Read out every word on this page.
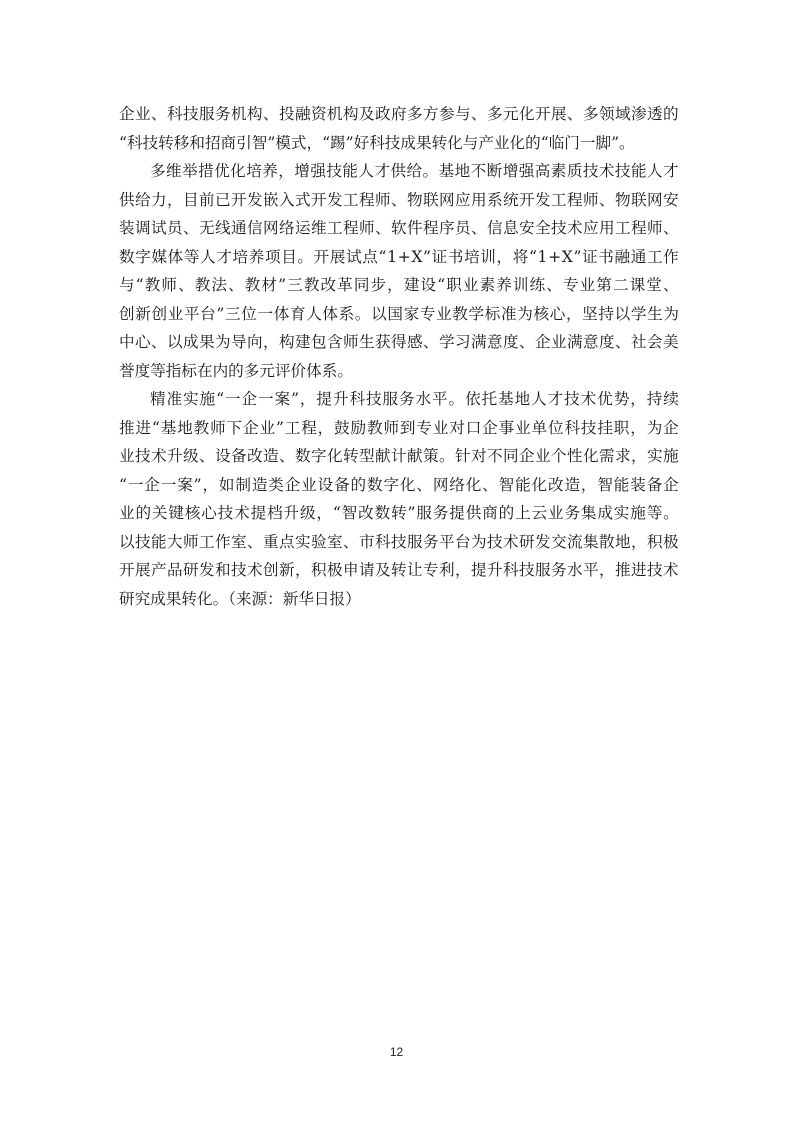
企 业 、 科 技 服 务 机 构 、 投 融 资 机 构 及 政 府 多 方 参 与 、 多 元 化 开 展 、 多 领 域 渗 透 的
“科技转移和招商引智”模式，“踢”好科技成果转化与产业化的“临门一脚”。
多 维 举 措 优 化 培 养 ， 增 强 技 能 人 才 供 给 。 基 地 不 断 增 强 高 素 质 技 术 技 能 人 才
供 给 力 ， 目 前 已 开 发 嵌 入 式 开 发 工 程 师 、 物 联 网 应 用 系 统 开 发 工 程 师 、 物 联 网 安
装 调 试 员 、 无 线 通 信 网 络 运 维 工 程 师 、 软 件 程 序 员 、 信 息 安 全 技 术 应 用 工 程 师 、
数 字 媒 体 等 人 才 培 养 项 目 。 开 展 试 点 “ 1 + X ” 证 书 培 训 ， 将 “ 1 + X ” 证 书 融 通 工 作
与 “ 教 师 、 教 法 、 教 材 ” 三 教 改 革 同 步 ， 建 设 “ 职 业 素 养 训 练 、 专 业 第 二 课 堂 、
创 新 创 业 平 台 ” 三 位 一 体 育 人 体 系 。 以 国 家 专 业 教 学 标 准 为 核 心 ， 坚 持 以 学 生 为
中 心 、 以 成 果 为 导 向 ， 构 建 包 含 师 生 获 得 感 、 学 习 满 意 度 、 企 业 满 意 度 、 社 会 美
誉度等指标在内的多元评价体系。
精 准 实 施 “ 一 企 一 案 ” ， 提 升 科 技 服 务 水 平 。 依 托 基 地 人 才 技 术 优 势 ， 持 续
推 进 “ 基 地 教 师 下 企 业 ” 工 程 ， 鼓 励 教 师 到 专 业 对 口 企 事 业 单 位 科 技 挂 职 ， 为 企
业 技 术 升 级 、 设 备 改 造 、 数 字 化 转 型 献 计 献 策 。 针 对 不 同 企 业 个 性 化 需 求 ， 实 施
“ 一 企 一 案 ” ， 如 制 造 类 企 业 设 备 的 数 字 化 、 网 络 化 、 智 能 化 改 造 ， 智 能 装 备 企
业 的 关 键 核 心 技 术 提 档 升 级 ， “ 智 改 数 转 ” 服 务 提 供 商 的 上 云 业 务 集 成 实 施 等 。
以 技 能 大 师 工 作 室 、 重 点 实 验 室 、 市 科 技 服 务 平 台 为 技 术 研 发 交 流 集 散 地 ， 积 极
开 展 产 品 研 发 和 技 术 创 新 ， 积 极 申 请 及 转 让 专 利 ， 提 升 科 技 服 务 水 平 ， 推 进 技 术
研究成果转化。（来源：新华日报）
12
